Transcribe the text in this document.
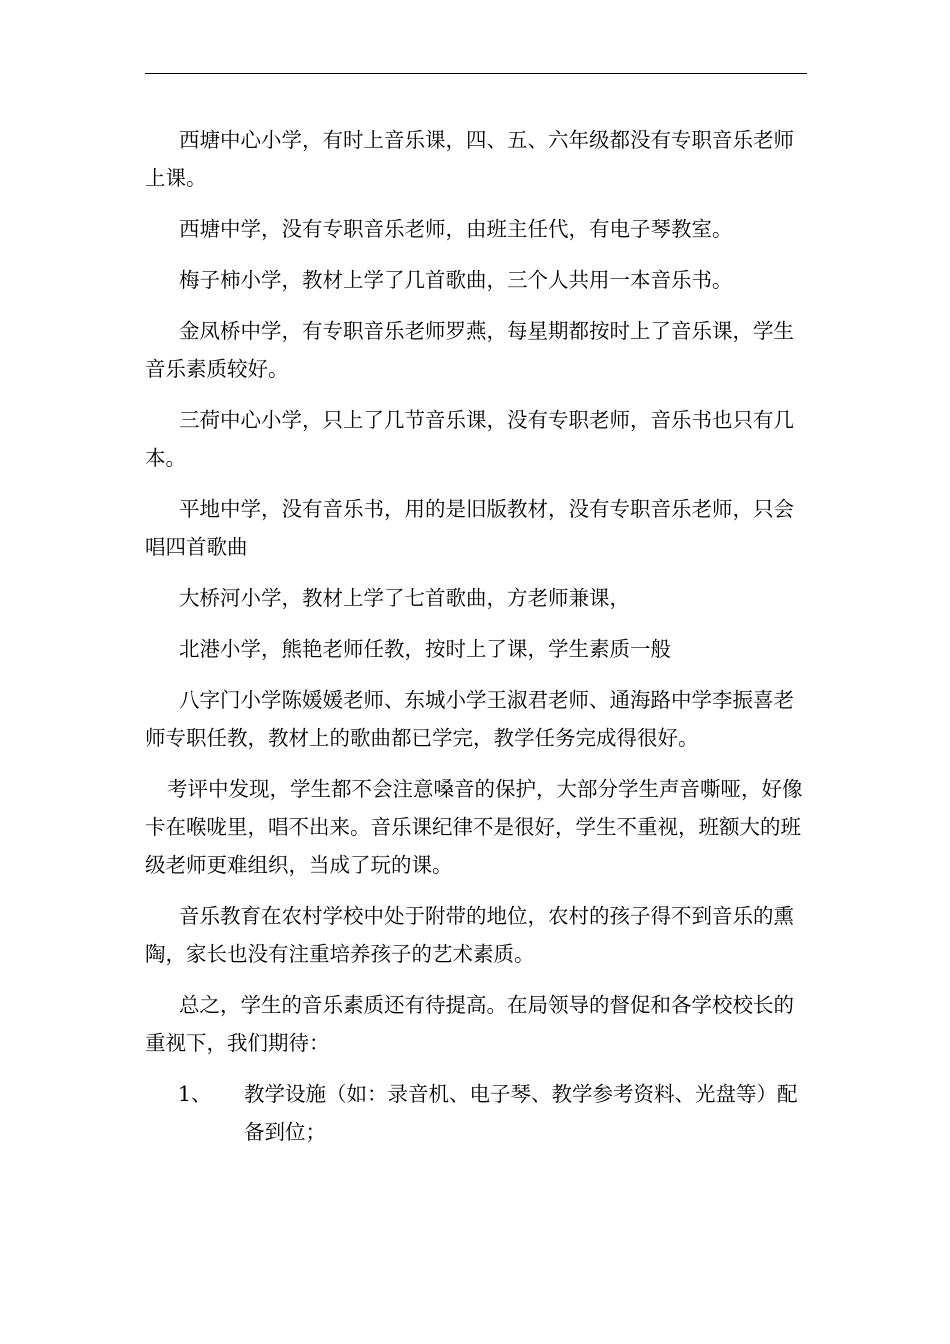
西塘中心小学，有时上音乐课，四、五、六年级都没有专职音乐老师上课。

西塘中学，没有专职音乐老师，由班主任代，有电子琴教室。

梅子柿小学，教材上学了几首歌曲，三个人共用一本音乐书。

金凤桥中学，有专职音乐老师罗燕，每星期都按时上了音乐课，学生音乐素质较好。

三荷中心小学，只上了几节音乐课，没有专职老师，音乐书也只有几本。

平地中学，没有音乐书，用的是旧版教材，没有专职音乐老师，只会唱四首歌曲

大桥河小学，教材上学了七首歌曲，方老师兼课，

北港小学，熊艳老师任教，按时上了课，学生素质一般

八字门小学陈媛媛老师、东城小学王淑君老师、通海路中学李振喜老师专职任教，教材上的歌曲都已学完，教学任务完成得很好。

考评中发现，学生都不会注意嗓音的保护，大部分学生声音嘶哑，好像卡在喉咙里，唱不出来。音乐课纪律不是很好，学生不重视，班额大的班级老师更难组织，当成了玩的课。

音乐教育在农村学校中处于附带的地位，农村的孩子得不到音乐的熏陶，家长也没有注重培养孩子的艺术素质。

总之，学生的音乐素质还有待提高。在局领导的督促和各学校校长的重视下，我们期待：

1、 教学设施（如：录音机、电子琴、教学参考资料、光盘等）配备到位；
